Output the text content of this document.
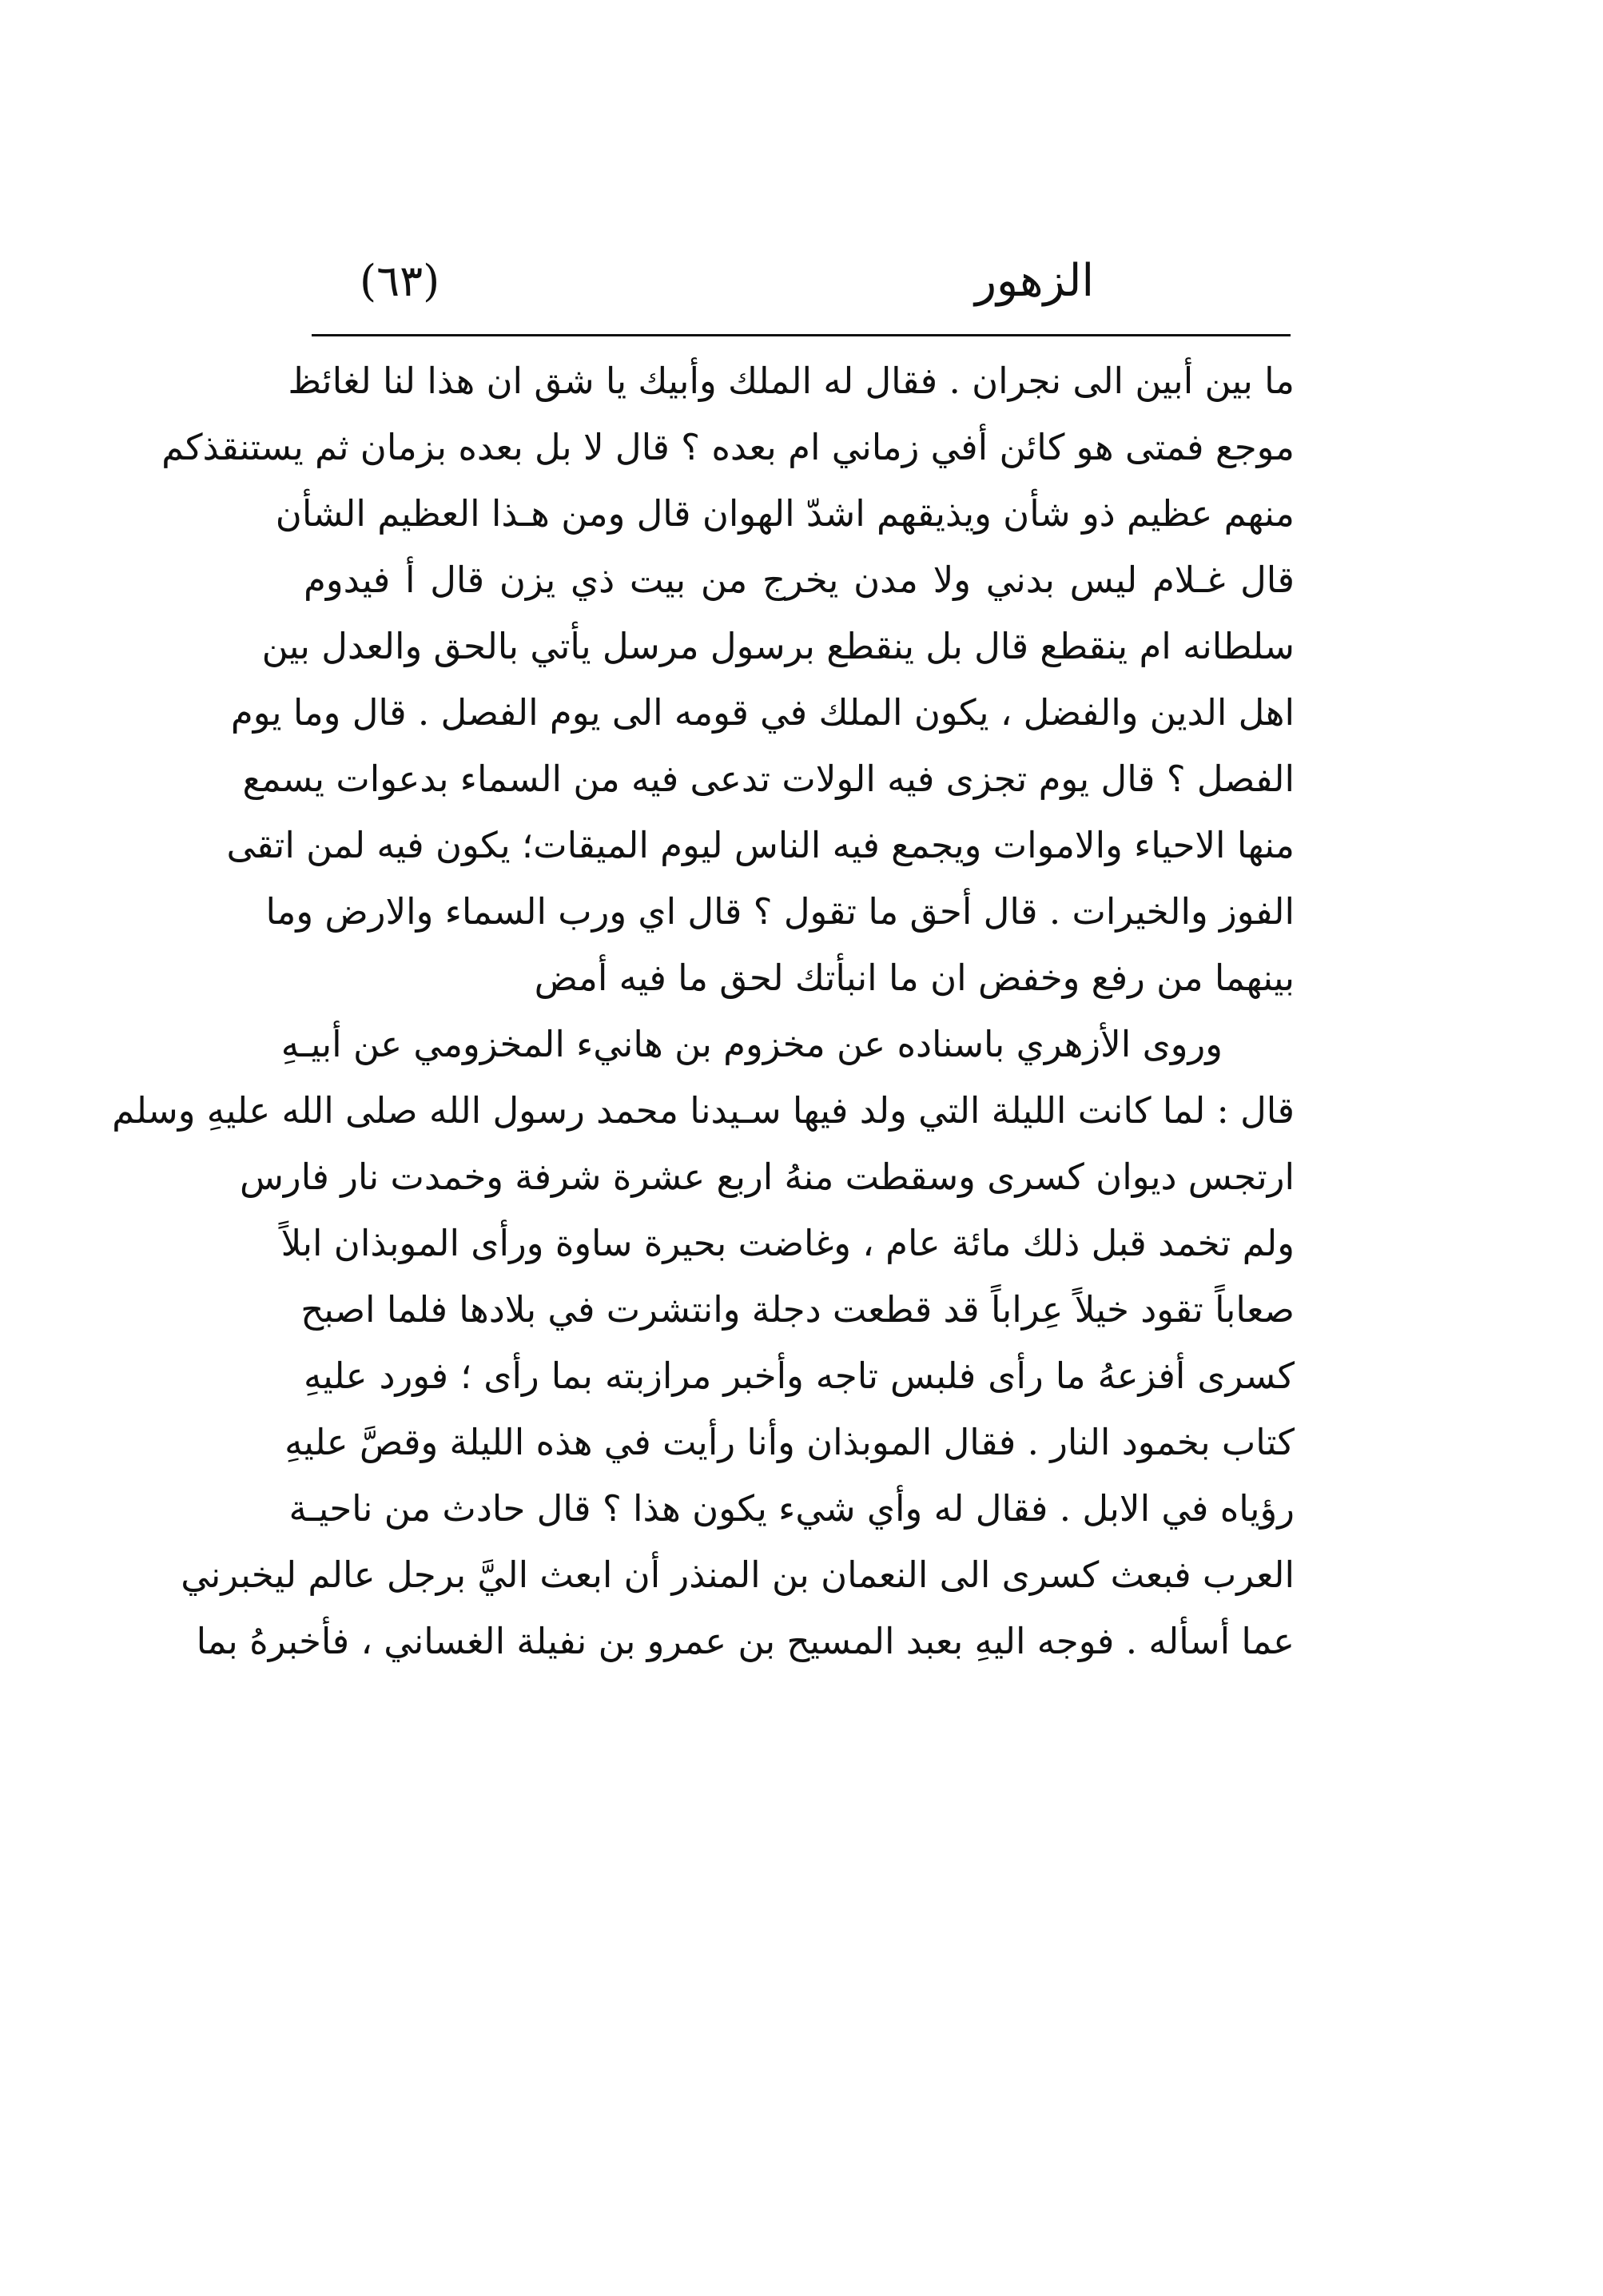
الزهور
(٦٣)
ما بين أبين الى نجران . فقال له الملك وأبيك يا شق ان هذا لنا لغائظ
موجع فمتى هو كائن أفي زماني ام بعده ؟ قال لا بل بعده بزمان ثم يستنقذكم
منهم عظيم ذو شأن ويذيقهم اشدّ الهوان قال ومن هـذا العظيم الشأن
قال غـلام ليس بدني ولا مدن يخرج من بيت ذي يزن قال أ فيدوم
سلطانه ام ينقطع قال بل ينقطع برسول مرسل يأتي بالحق والعدل بين
اهل الدين والفضل ، يكون الملك في قومه الى يوم الفصل . قال وما يوم
الفصل ؟ قال يوم تجزى فيه الولات تدعى فيه من السماء بدعوات يسمع
منها الاحياء والاموات ويجمع فيه الناس ليوم الميقات؛ يكون فيه لمن اتقى
الفوز والخيرات . قال أحق ما تقول ؟ قال اي ورب السماء والارض وما
بينهما من رفع وخفض ان ما انبأتك لحق ما فيه أمض
وروى الأزهري باسناده عن مخزوم بن هانيء المخزومي عن أبيـهِ
قال : لما كانت الليلة التي ولد فيها سـيدنا محمد رسول الله صلى الله عليهِ وسلم
ارتجس ديوان كسرى وسقطت منهُ اربع عشرة شرفة وخمدت نار فارس
ولم تخمد قبل ذلك مائة عام ، وغاضت بحيرة ساوة ورأى الموبذان ابلاً
صعاباً تقود خيلاً عِراباً قد قطعت دجلة وانتشرت في بلادها فلما اصبح
كسرى أفزعهُ ما رأى فلبس تاجه وأخبر مرازبته بما رأى ؛ فورد عليهِ
كتاب بخمود النار . فقال الموبذان وأنا رأيت في هذه الليلة وقصَّ عليهِ
رؤياه في الابل . فقال له وأي شيء يكون هذا ؟ قال حادث من ناحيـة
العرب فبعث كسرى الى النعمان بن المنذر أن ابعث اليَّ برجل عالم ليخبرني
عما أسأله . فوجه اليهِ بعبد المسيح بن عمرو بن نفيلة الغساني ، فأخبرهُ بما
